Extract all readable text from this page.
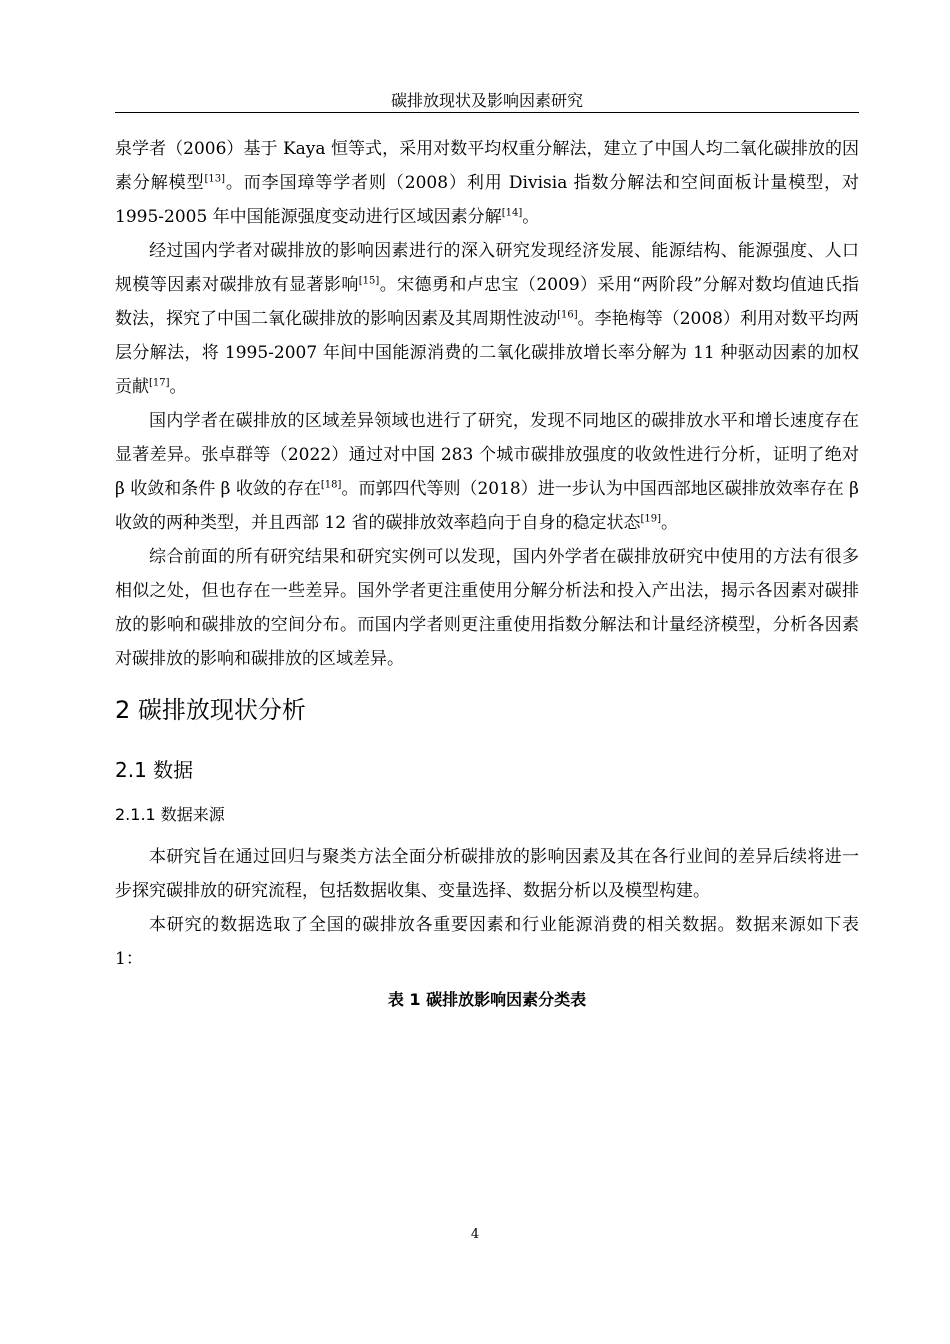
碳排放现状及影响因素研究

泉学者（2006）基于 Kaya 恒等式，采用对数平均权重分解法，建立了中国人均二氧化碳排放的因素分解模型[13]。而李国璋等学者则（2008）利用 Divisia 指数分解法和空间面板计量模型，对 1995-2005 年中国能源强度变动进行区域因素分解[14]。

经过国内学者对碳排放的影响因素进行的深入研究发现经济发展、能源结构、能源强度、人口规模等因素对碳排放有显著影响[15]。宋德勇和卢忠宝（2009）采用“两阶段”分解对数均值迪氏指数法，探究了中国二氧化碳排放的影响因素及其周期性波动[16]。李艳梅等（2008）利用对数平均两层分解法，将 1995-2007 年间中国能源消费的二氧化碳排放增长率分解为 11 种驱动因素的加权贡献[17]。

国内学者在碳排放的区域差异领域也进行了研究，发现不同地区的碳排放水平和增长速度存在显著差异。张卓群等（2022）通过对中国 283 个城市碳排放强度的收敛性进行分析，证明了绝对 β 收敛和条件 β 收敛的存在[18]。而郭四代等则（2018）进一步认为中国西部地区碳排放效率存在 β 收敛的两种类型，并且西部 12 省的碳排放效率趋向于自身的稳定状态[19]。

综合前面的所有研究结果和研究实例可以发现，国内外学者在碳排放研究中使用的方法有很多相似之处，但也存在一些差异。国外学者更注重使用分解分析法和投入产出法，揭示各因素对碳排放的影响和碳排放的空间分布。而国内学者则更注重使用指数分解法和计量经济模型，分析各因素对碳排放的影响和碳排放的区域差异。

2 碳排放现状分析
2.1 数据
2.1.1 数据来源

本研究旨在通过回归与聚类方法全面分析碳排放的影响因素及其在各行业间的差异后续将进一步探究碳排放的研究流程，包括数据收集、变量选择、数据分析以及模型构建。

本研究的数据选取了全国的碳排放各重要因素和行业能源消费的相关数据。数据来源如下表 1：

表 1 碳排放影响因素分类表
4
